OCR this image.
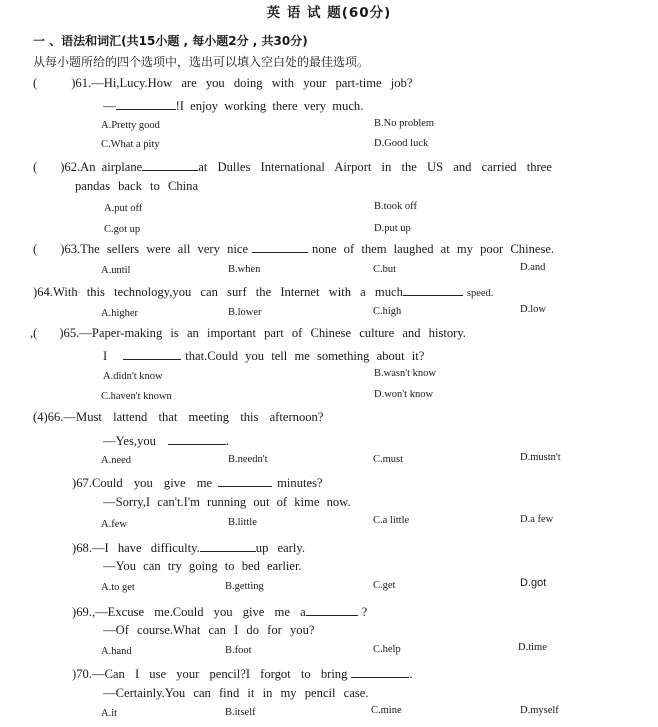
英 语 试 题(60分)
一 、语法和词汇(共15小题 , 每小题2分 , 共30分)
从每小题所给的四个选项中，选出可以填入空白处的最佳选项。
(	)61.—Hi,Lucy.How are you doing with your part-time job?
—	!I enjoy working there very much.
A.Pretty good	B.No problem
C.What a pity	D.Good luck
( )62.An airplane	at Dulles International Airport in the US and carried three
pandas back to China
A.put off	B.took off
C.got up	D.put up
( )63.The sellers were all very nice	none of them laughed at my poor Chinese.
A.until	B.when	C.but	D.and
)64.With this technology,you can surf the Internet with a much	speed.
A.higher	B.lower	C.high	D.low
,( )65.—Paper-making is an important part of Chinese culture and history.
I	that.Could you tell me something about it?
A.didn't know	B.wasn't know
C.haven't known	D.won't know
(4)66.—Must lattend that meeting this afternoon?
—Yes,you	.
A.need	B.needn't	C.must	D.mustn't
)67.Could you give me	minutes?
—Sorry,I can't.I'm running out of kime now.
A.few	B.little	C.a little	D.a few
)68.—I have difficulty.	up early.
—You can try going to bed earlier.
A.to get	B.getting	C.get	D.got
)69.,—Excuse me.Could you give me a	?
—Of course.What can I do for you?
A.hand	B.foot	C.help	D.time
)70.—Can I use your pencil?I forgot to bring	.
—Certainly.You can find it in my pencil case.
A.it	B.itself	C.mine	D.myself
